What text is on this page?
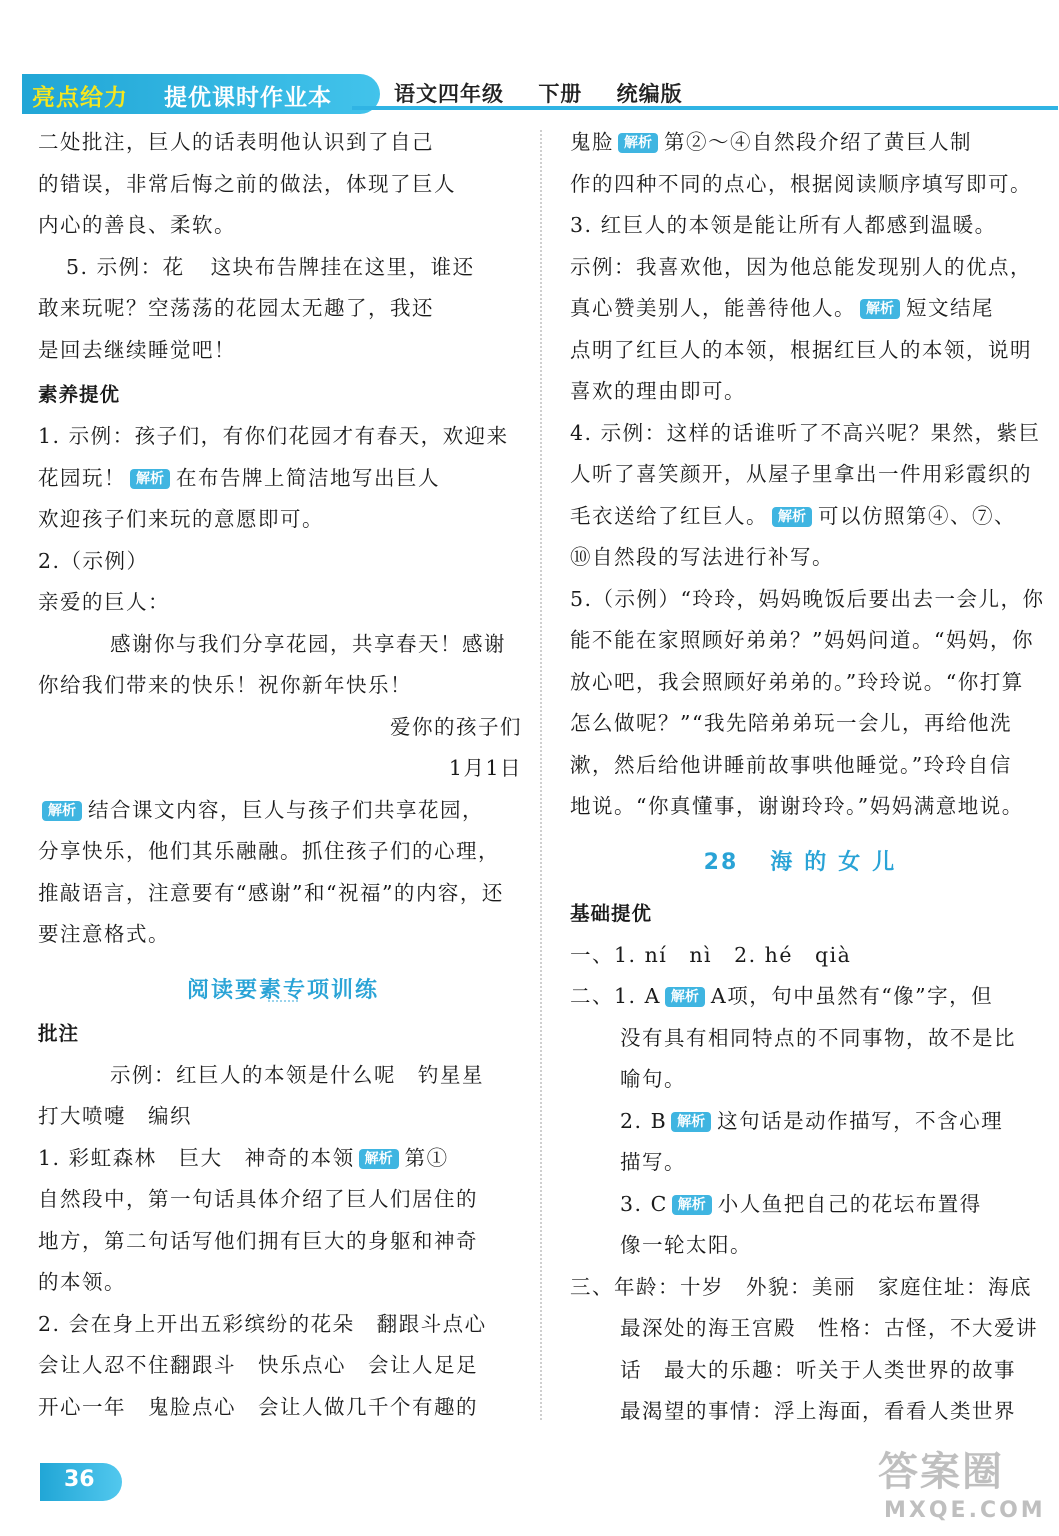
亮点给力 提优课时作业本	语文四年级 下册 统编版
二处批注，巨人的话表明他认识到了自己
的错误，非常后悔之前的做法，体现了巨人
内心的善良、柔软。
5. 示例：花 这块布告牌挂在这里，谁还
敢来玩呢？空荡荡的花园太无趣了，我还
是回去继续睡觉吧！
素养提优
1. 示例：孩子们，有你们花园才有春天，欢迎来
花园玩！ 解析 在布告牌上简洁地写出巨人
欢迎孩子们来玩的意愿即可。
2.（示例）
亲爱的巨人：
感谢你与我们分享花园，共享春天！感谢
你给我们带来的快乐！祝你新年快乐！
爱你的孩子们
1月1日
解析 结合课文内容，巨人与孩子们共享花园，
分享快乐，他们其乐融融。抓住孩子们的心理，
推敲语言，注意要有“感谢”和“祝福”的内容，还
要注意格式。
阅读要素专项训练
批注
示例：红巨人的本领是什么呢　钓星星
打大喷嚏　编织
1. 彩虹森林　巨大　神奇的本领 解析 第①
自然段中，第一句话具体介绍了巨人们居住的
地方，第二句话写他们拥有巨大的身躯和神奇
的本领。
2. 会在身上开出五彩缤纷的花朵　翻跟斗点心
会让人忍不住翻跟斗　快乐点心　会让人足足
开心一年　鬼脸点心　会让人做几千个有趣的
鬼脸 解析 第②～④自然段介绍了黄巨人制
作的四种不同的点心，根据阅读顺序填写即可。
3. 红巨人的本领是能让所有人都感到温暖。
示例：我喜欢他，因为他总能发现别人的优点，
真心赞美别人，能善待他人。 解析 短文结尾
点明了红巨人的本领，根据红巨人的本领，说明
喜欢的理由即可。
4. 示例：这样的话谁听了不高兴呢？果然，紫巨
人听了喜笑颜开，从屋子里拿出一件用彩霞织的
毛衣送给了红巨人。 解析 可以仿照第④、⑦、
⑩自然段的写法进行补写。
5.（示例）“玲玲，妈妈晚饭后要出去一会儿，你
能不能在家照顾好弟弟？”妈妈问道。“妈妈，你
放心吧，我会照顾好弟弟的。”玲玲说。“你打算
怎么做呢？”“我先陪弟弟玩一会儿，再给他洗
漱，然后给他讲睡前故事哄他睡觉。”玲玲自信
地说。“你真懂事，谢谢玲玲。”妈妈满意地说。
28 海的女儿
基础提优
一、1. ní　nì　2. hé　qià
二、1. A 解析 A项，句中虽然有“像”字，但
没有具有相同特点的不同事物，故不是比
喻句。
2. B 解析 这句话是动作描写，不含心理
描写。
3. C 解析 小人鱼把自己的花坛布置得
像一轮太阳。
三、年龄：十岁　外貌：美丽　家庭住址：海底
最深处的海王宫殿　性格：古怪，不大爱讲
话　最大的乐趣：听关于人类世界的故事
最渴望的事情：浮上海面，看看人类世界
36	答案圈
MXQE.COM
